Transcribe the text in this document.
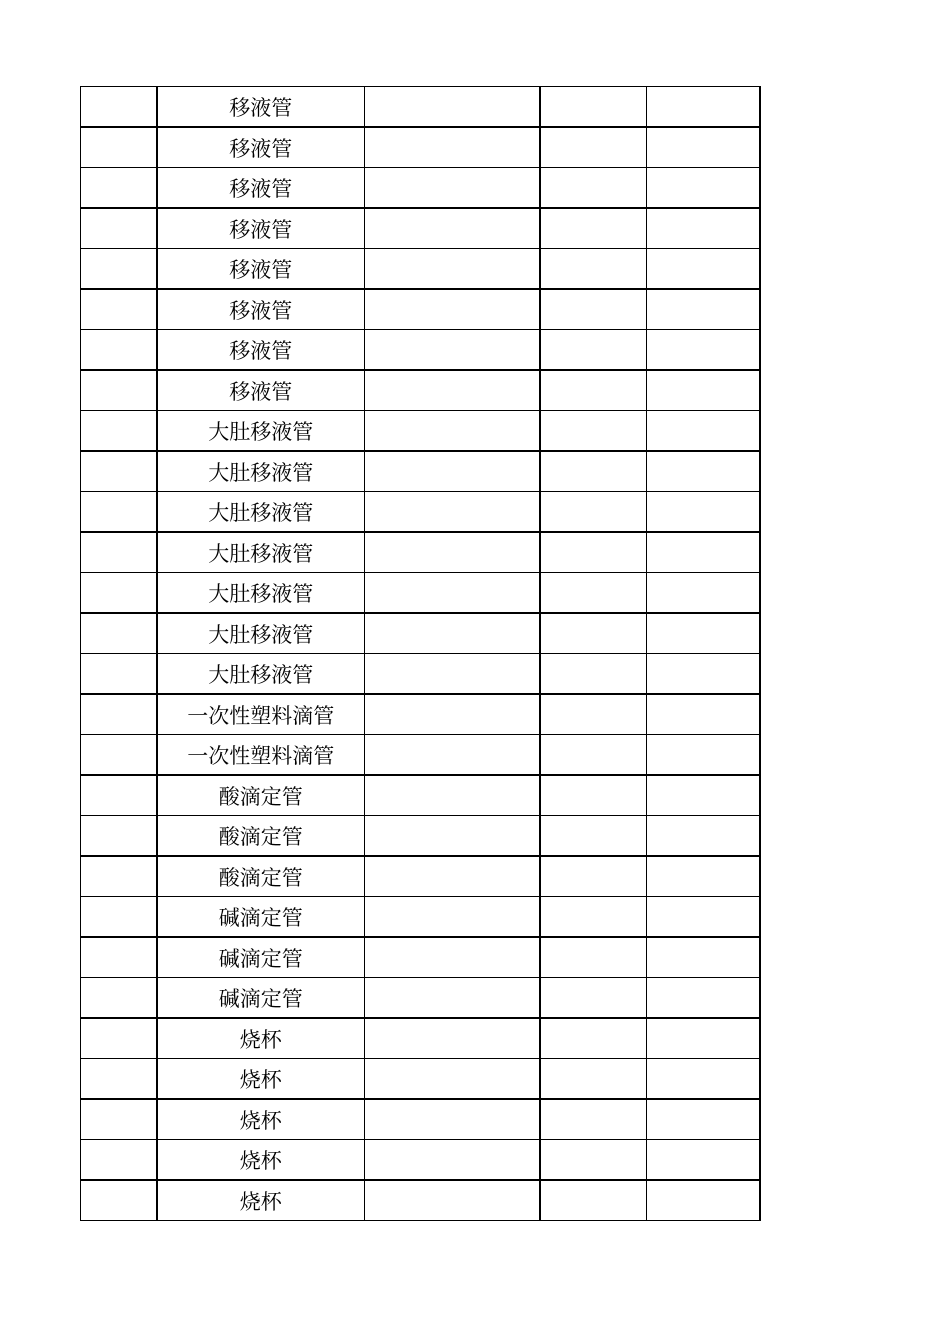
	移液管			
	移液管			
	移液管			
	移液管			
	移液管			
	移液管			
	移液管			
	移液管			
	大肚移液管			
	大肚移液管			
	大肚移液管			
	大肚移液管			
	大肚移液管			
	大肚移液管			
	大肚移液管			
	一次性塑料滴管			
	一次性塑料滴管			
	酸滴定管			
	酸滴定管			
	酸滴定管			
	碱滴定管			
	碱滴定管			
	碱滴定管			
	烧杯			
	烧杯			
	烧杯			
	烧杯			
	烧杯			
